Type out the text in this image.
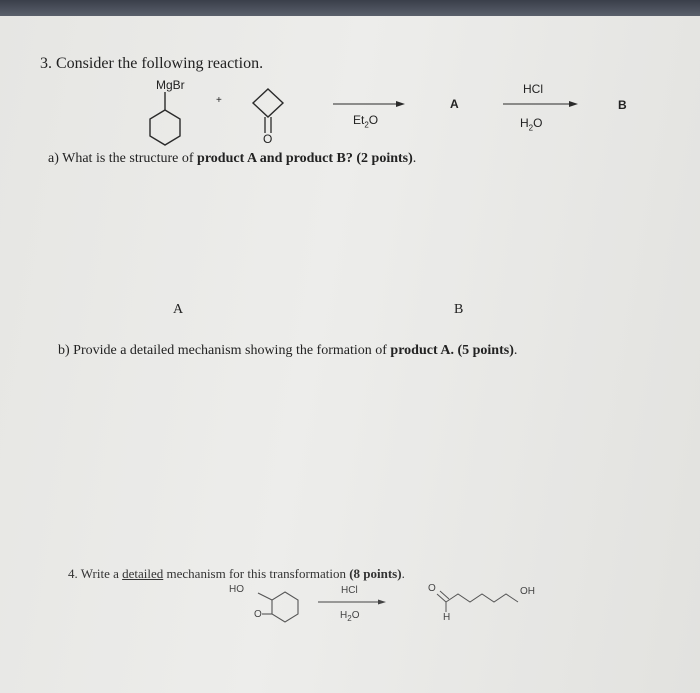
3. Consider the following reaction.
MgBr
+
O
$Et_2O$
A
HCl
$H_2O$
B
a) What is the structure of product A and product B? (2 points).
A	B
b) Provide a detailed mechanism showing the formation of product A. (5 points).
4. Write a detailed mechanism for this transformation (8 points).
HO
O
HCl
$H_2O$
O
H
OH
